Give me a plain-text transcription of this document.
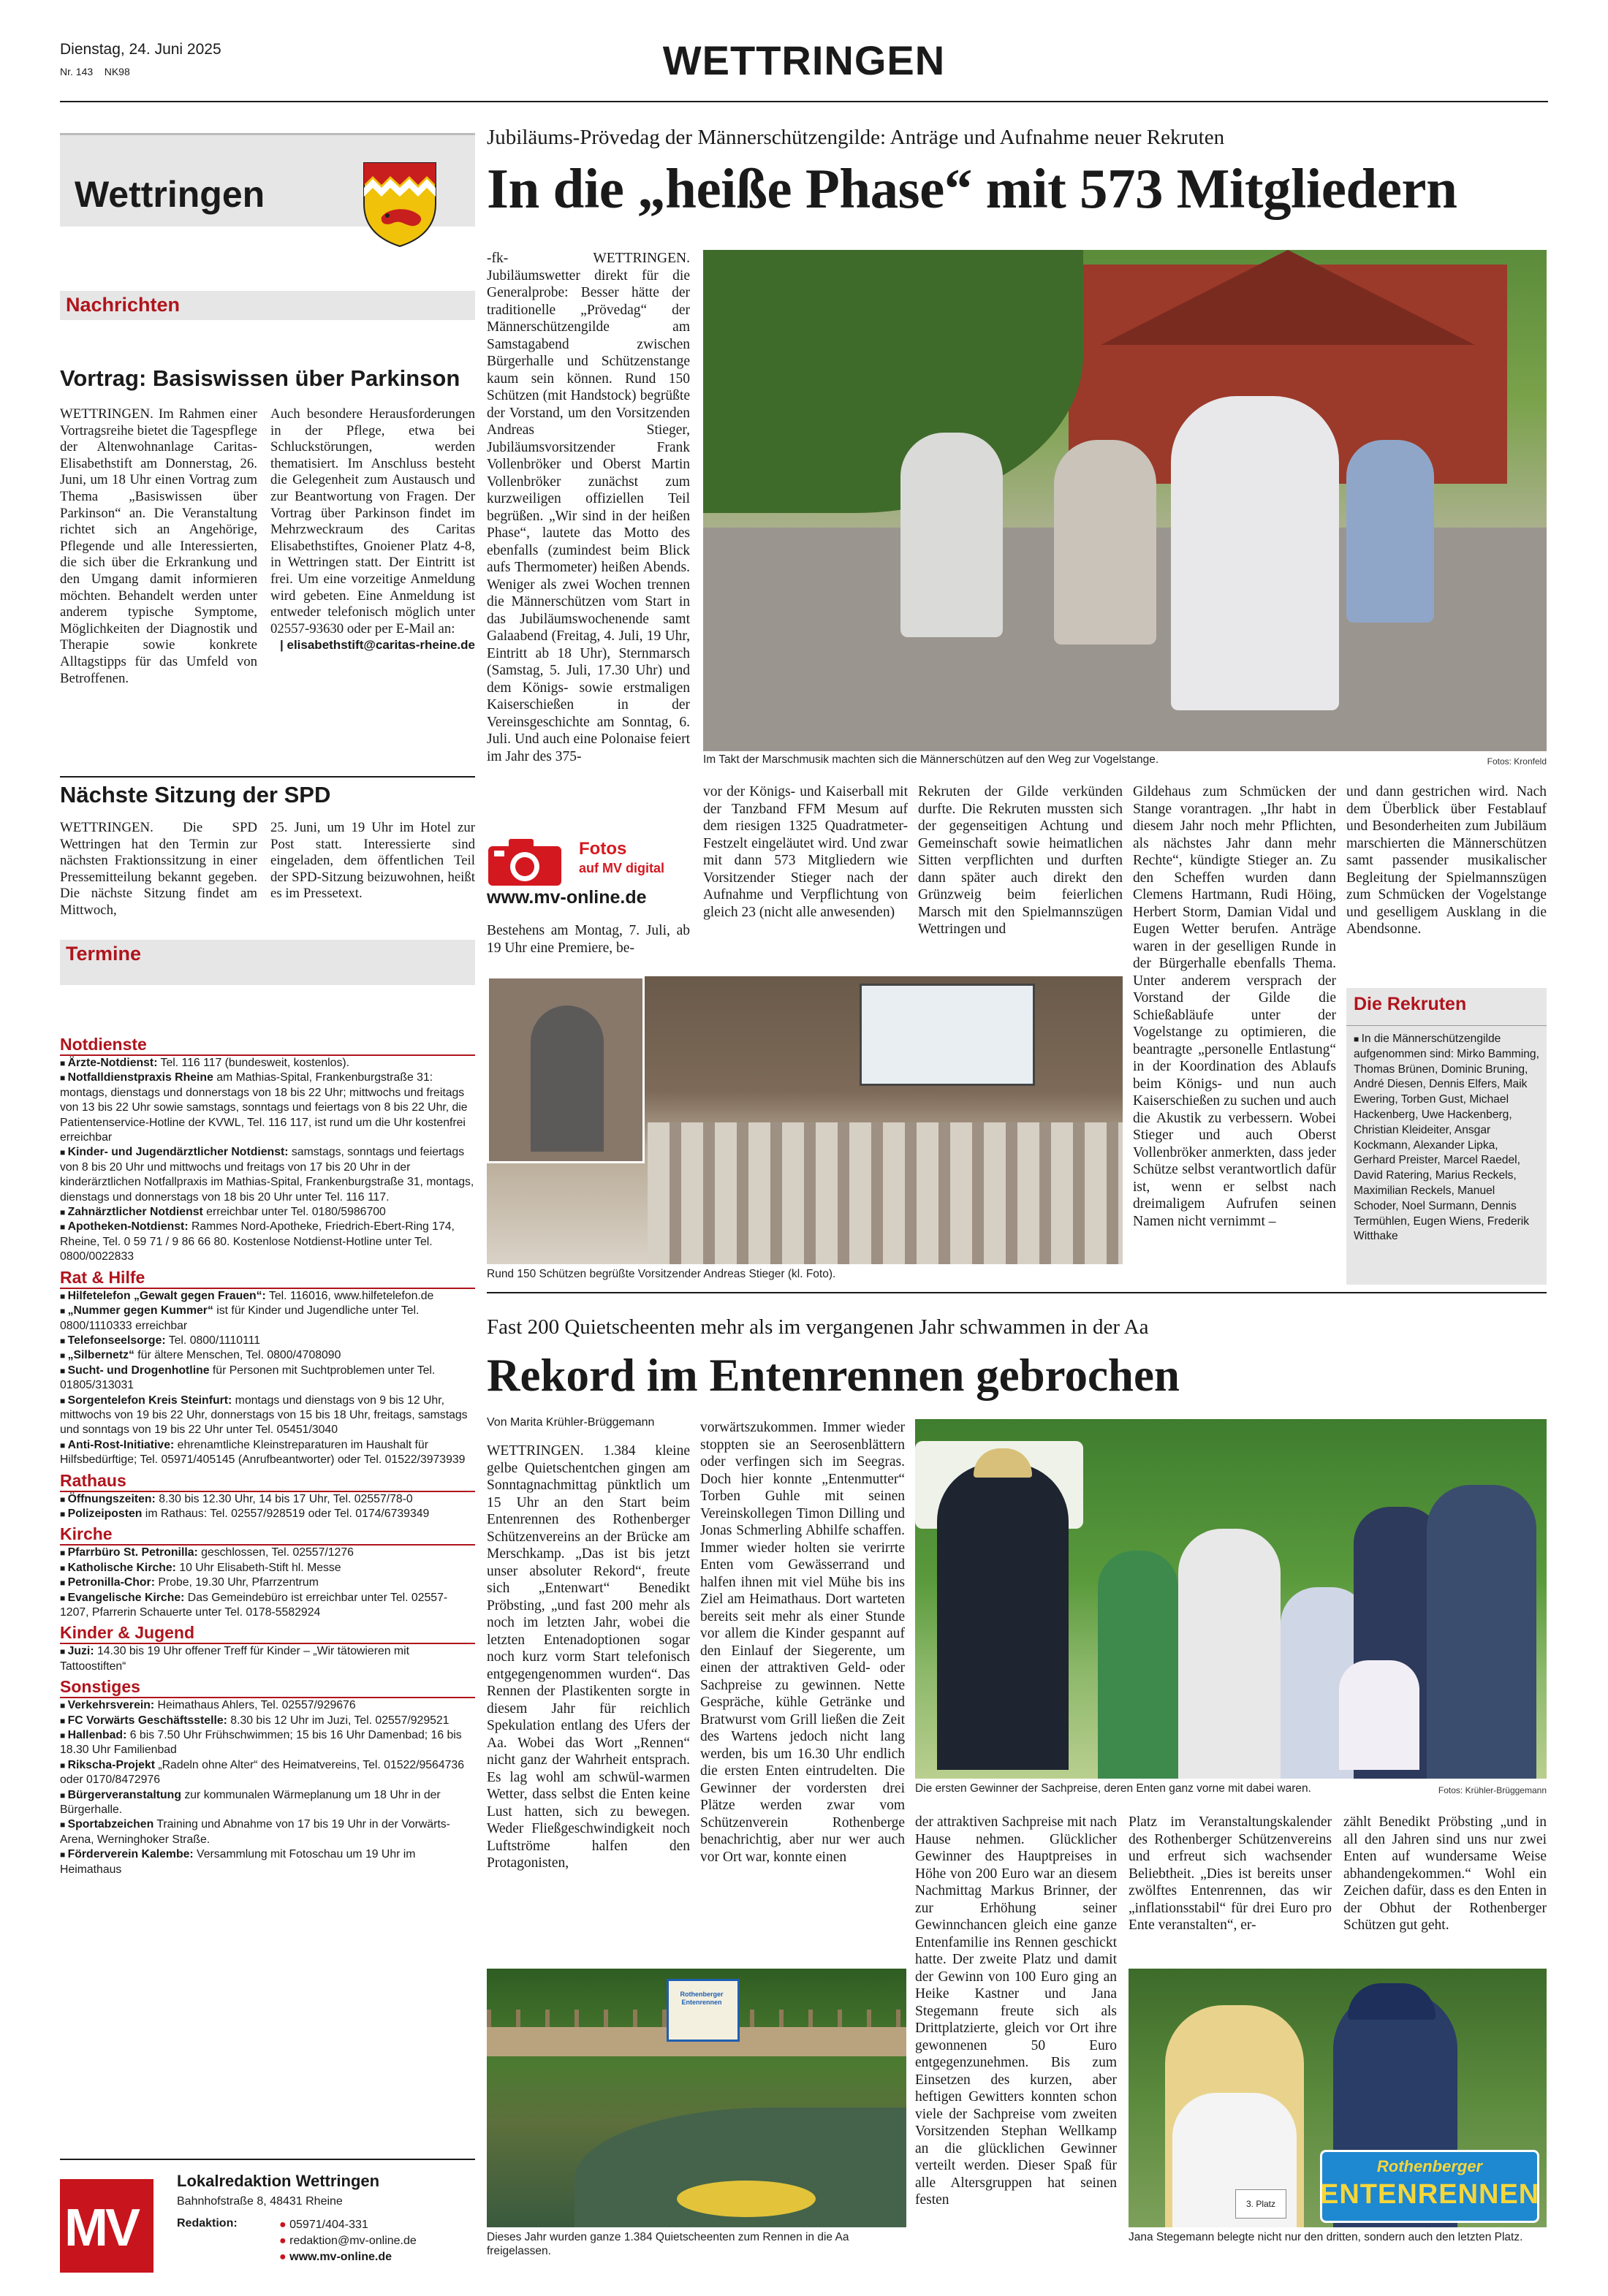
Dienstag, 24. Juni 2025
Nr. 143 NK98	WETTRINGEN
Wettringen
Nachrichten
Vortrag: Basiswissen über Parkinson
WETTRINGEN. Im Rahmen einer Vortragsreihe bietet die Tagespflege der Altenwohnanlage Caritas-Elisabethstift am Donnerstag, 26. Juni, um 18 Uhr einen Vortrag zum Thema „Basiswissen über Parkinson“ an. Die Veranstaltung richtet sich an Angehörige, Pflegende und alle Interessierten, die sich über die Erkrankung und den Umgang damit informieren möchten. Behandelt werden unter anderem typische Symptome, Möglichkeiten der Diagnostik und Therapie sowie konkrete Alltagstipps für das Umfeld von Betroffenen.
Auch besondere Herausforderungen in der Pflege, etwa bei Schluckstörungen, werden thematisiert. Im Anschluss besteht die Gelegenheit zum Austausch und zur Beantwortung von Fragen. Der Vortrag über Parkinson findet im Mehrzweckraum des Caritas Elisabethstiftes, Gnoiener Platz 4-8, in Wettringen statt. Der Eintritt ist frei. Um eine vorzeitige Anmeldung wird gebeten. Eine Anmeldung ist entweder telefonisch möglich unter 02557-93630 oder per E-Mail an:
| elisabethstift@caritas-rheine.de
Nächste Sitzung der SPD
WETTRINGEN. Die SPD Wettringen hat den Termin zur nächsten Fraktionssitzung in einer Pressemitteilung bekannt gegeben. Die nächste Sitzung findet am Mittwoch,
25. Juni, um 19 Uhr im Hotel zur Post statt. Interessierte sind eingeladen, dem öffentlichen Teil der SPD-Sitzung beizuwohnen, heißt es im Pressetext.
Termine
Notdienste
■ Ärzte-Notdienst: Tel. 116 117 (bundesweit, kostenlos).
■ Notfalldienstpraxis Rheine am Mathias-Spital, Frankenburgstraße 31: montags, dienstags und donnerstags von 18 bis 22 Uhr; mittwochs und freitags von 13 bis 22 Uhr sowie samstags, sonntags und feiertags von 8 bis 22 Uhr, die Patientenservice-Hotline der KVWL, Tel. 116 117, ist rund um die Uhr kostenfrei erreichbar
■ Kinder- und Jugendärztlicher Notdienst: samstags, sonntags und feiertags von 8 bis 20 Uhr und mittwochs und freitags von 17 bis 20 Uhr in der kinderärztlichen Notfallpraxis im Mathias-Spital, Frankenburgstraße 31, montags, dienstags und donnerstags von 18 bis 20 Uhr unter Tel. 116 117.
■ Zahnärztlicher Notdienst erreichbar unter Tel. 0180/5986700
■ Apotheken-Notdienst: Rammes Nord-Apotheke, Friedrich-Ebert-Ring 174, Rheine, Tel. 0 59 71 / 9 86 66 80. Kostenlose Notdienst-Hotline unter Tel. 0800/0022833
Rat & Hilfe
■ Hilfetelefon „Gewalt gegen Frauen“: Tel. 116016, www.hilfetelefon.de
■ „Nummer gegen Kummer“ ist für Kinder und Jugendliche unter Tel. 0800/1110333 erreichbar
■ Telefonseelsorge: Tel. 0800/1110111
■ „Silbernetz“ für ältere Menschen, Tel. 0800/4708090
■ Sucht- und Drogenhotline für Personen mit Suchtproblemen unter Tel. 01805/313031
■ Sorgentelefon Kreis Steinfurt: montags und dienstags von 9 bis 12 Uhr, mittwochs von 19 bis 22 Uhr, donnerstags von 15 bis 18 Uhr, freitags, samstags und sonntags von 19 bis 22 Uhr unter Tel. 05451/3040
■ Anti-Rost-Initiative: ehrenamtliche Kleinstreparaturen im Haushalt für Hilfsbedürftige; Tel. 05971/405145 (Anrufbeantworter) oder Tel. 01522/3973939
Rathaus
■ Öffnungszeiten: 8.30 bis 12.30 Uhr, 14 bis 17 Uhr, Tel. 02557/78-0
■ Polizeiposten im Rathaus: Tel. 02557/928519 oder Tel. 0174/6739349
Kirche
■ Pfarrbüro St. Petronilla: geschlossen, Tel. 02557/1276
■ Katholische Kirche: 10 Uhr Elisabeth-Stift hl. Messe
■ Petronilla-Chor: Probe, 19.30 Uhr, Pfarrzentrum
■ Evangelische Kirche: Das Gemeindebüro ist erreichbar unter Tel. 02557-1207, Pfarrerin Schauerte unter Tel. 0178-5582924
Kinder & Jugend
■ Juzi: 14.30 bis 19 Uhr offener Treff für Kinder – „Wir tätowieren mit Tattoostiften“
Sonstiges
■ Verkehrsverein: Heimathaus Ahlers, Tel. 02557/929676
■ FC Vorwärts Geschäftsstelle: 8.30 bis 12 Uhr im Juzi, Tel. 02557/929521
■ Hallenbad: 6 bis 7.50 Uhr Frühschwimmen; 15 bis 16 Uhr Damenbad; 16 bis 18.30 Uhr Familienbad
■ Rikscha-Projekt „Radeln ohne Alter“ des Heimatvereins, Tel. 01522/9564736 oder 0170/8472976
■ Bürgerveranstaltung zur kommunalen Wärmeplanung um 18 Uhr in der Bürgerhalle.
■ Sportabzeichen Training und Abnahme von 17 bis 19 Uhr in der Vorwärts-Arena, Werninghoker Straße.
■ Förderverein Kalembe: Versammlung mit Fotoschau um 19 Uhr im Heimathaus
MV
Lokalredaktion Wettringen
Bahnhofstraße 8, 48431 Rheine
Redaktion:	● 05971/404-331
● redaktion@mv-online.de
● www.mv-online.de
Jubiläums-Prövedag der Männerschützengilde: Anträge und Aufnahme neuer Rekruten
In die „heiße Phase“ mit 573 Mitgliedern
-fk- WETTRINGEN. Jubiläumswetter direkt für die Generalprobe: Besser hätte der traditionelle „Prövedag“ der Männerschützengilde am Samstagabend zwischen Bürgerhalle und Schützenstange kaum sein können. Rund 150 Schützen (mit Handstock) begrüßte der Vorstand, um den Vorsitzenden Andreas Stieger, Jubiläumsvorsitzender Frank Vollenbröker und Oberst Martin Vollenbröker zunächst zum kurzweiligen offiziellen Teil begrüßen. „Wir sind in der heißen Phase“, lautete das Motto des ebenfalls (zumindest beim Blick aufs Thermometer) heißen Abends. Weniger als zwei Wochen trennen die Männerschützen vom Start in das Jubiläumswochenende samt Galaabend (Freitag, 4. Juli, 19 Uhr, Eintritt ab 18 Uhr), Sternmarsch (Samstag, 5. Juli, 17.30 Uhr) und dem Königs- sowie erstmaligen Kaiserschießen in der Vereinsgeschichte am Sonntag, 6. Juli. Und auch eine Polonaise feiert im Jahr des 375-
Fotos
auf MV digital
www.mv-online.de
Bestehens am Montag, 7. Juli, ab 19 Uhr eine Premiere, be-
Im Takt der Marschmusik machten sich die Männerschützen auf den Weg zur Vogelstange.	Fotos: Kronfeld
vor der Königs- und Kaiserball mit der Tanzband FFM Mesum auf dem riesigen 1325 Quadratmeter-Festzelt eingeläutet wird. Und zwar mit dann 573 Mitgliedern wie Vorsitzender Stieger nach der Aufnahme und Verpflichtung von gleich 23 (nicht alle anwesenden)
Rekruten der Gilde verkünden durfte. Die Rekruten mussten sich der gegenseitigen Achtung und Gemeinschaft sowie heimatlichen Sitten verpflichten und durften dann später auch direkt den Grünzweig beim feierlichen Marsch mit den Spielmannszügen Wettringen und
Gildehaus zum Schmücken der Stange vorantragen. „Ihr habt in diesem Jahr noch mehr Pflichten, als nächstes Jahr dann mehr Rechte“, kündigte Stieger an. Zu den Scheffen wurden dann Clemens Hartmann, Rudi Höing, Herbert Storm, Damian Vidal und Eugen Wetter berufen. Anträge waren in der geselligen Runde in der Bürgerhalle ebenfalls Thema. Unter anderem versprach der Vorstand der Gilde die Schießabläufe unter der Vogelstange zu optimieren, die beantragte „personelle Entlastung“ in der Koordination des Ablaufs beim Königs- und nun auch Kaiserschießen zu suchen und auch die Akustik zu verbessern. Wobei Stieger und auch Oberst Vollenbröker anmerkten, dass jeder Schütze selbst verantwortlich dafür ist, wenn er selbst nach dreimaligem Aufrufen seinen Namen nicht vernimmt –
und dann gestrichen wird. Nach dem Überblick über Festablauf und Besonderheiten zum Jubiläum marschierten die Männerschützen samt passender musikalischer Begleitung der Spielmannszügen zum Schmücken der Vogelstange und geselligem Ausklang in die Abendsonne.
Rund 150 Schützen begrüßte Vorsitzender Andreas Stieger (kl. Foto).
Die Rekruten
■ In die Männerschützengilde aufgenommen sind: Mirko Bamming, Thomas Brünen, Dominic Bruning, André Diesen, Dennis Elfers, Maik Ewering, Torben Gust, Michael Hackenberg, Uwe Hackenberg, Christian Kleideiter, Ansgar Kockmann, Alexander Lipka, Gerhard Preister, Marcel Raedel, David Ratering, Marius Reckels, Maximilian Reckels, Manuel Schoder, Noel Surmann, Dennis Termühlen, Eugen Wiens, Frederik Witthake
Fast 200 Quietscheenten mehr als im vergangenen Jahr schwammen in der Aa
Rekord im Entenrennen gebrochen
Von Marita Krühler-Brüggemann
WETTRINGEN. 1.384 kleine gelbe Quietschentchen gingen am Sonntagnachmittag pünktlich um 15 Uhr an den Start beim Entenrennen des Rothenberger Schützenvereins an der Brücke am Merschkamp. „Das ist bis jetzt unser absoluter Rekord“, freute sich „Entenwart“ Benedikt Pröbsting, „und fast 200 mehr als noch im letzten Jahr, wobei die letzten Entenadoptionen sogar noch kurz vorm Start telefonisch entgegengenommen wurden“. Das Rennen der Plastikenten sorgte in diesem Jahr für reichlich Spekulation entlang des Ufers der Aa. Wobei das Wort „Rennen“ nicht ganz der Wahrheit entsprach. Es lag wohl am schwül-warmen Wetter, dass selbst die Enten keine Lust hatten, sich zu bewegen. Weder Fließgeschwindigkeit noch Luftströme halfen den Protagonisten,
vorwärtszukommen. Immer wieder stoppten sie an Seerosenblättern oder verfingen sich im Seegras. Doch hier konnte „Entenmutter“ Torben Guhle mit seinen Vereinskollegen Timon Dilling und Jonas Schmerling Abhilfe schaffen. Immer wieder holten sie verirrte Enten vom Gewässerrand und halfen ihnen mit viel Mühe bis ins Ziel am Heimathaus. Dort warteten bereits seit mehr als einer Stunde vor allem die Kinder gespannt auf den Einlauf der Siegerente, um einen der attraktiven Geld- oder Sachpreise zu gewinnen. Nette Gespräche, kühle Getränke und Bratwurst vom Grill ließen die Zeit des Wartens jedoch nicht lang werden, bis um 16.30 Uhr endlich die ersten Enten eintrudelten. Die Gewinner der vordersten drei Plätze werden zwar vom Schützenverein Rothenberge benachrichtig, aber nur wer auch vor Ort war, konnte einen
Die ersten Gewinner der Sachpreise, deren Enten ganz vorne mit dabei waren.	Fotos: Krühler-Brüggemann
der attraktiven Sachpreise mit nach Hause nehmen. Glücklicher Gewinner des Hauptpreises in Höhe von 200 Euro war an diesem Nachmittag Markus Brinner, der zur Erhöhung seiner Gewinnchancen gleich eine ganze Entenfamilie ins Rennen geschickt hatte. Der zweite Platz und damit der Gewinn von 100 Euro ging an Heike Kastner und Jana Stegemann freute sich als Drittplatzierte, gleich vor Ort ihre gewonnenen 50 Euro entgegenzunehmen. Bis zum Einsetzen des kurzen, aber heftigen Gewitters konnten schon viele der Sachpreise vom zweiten Vorsitzenden Stephan Wellkamp an die glücklichen Gewinner verteilt werden. Dieser Spaß für alle Altersgruppen hat seinen festen
Platz im Veranstaltungskalender des Rothenberger Schützenvereins und erfreut sich wachsender Beliebtheit. „Dies ist bereits unser zwölftes Entenrennen, das wir „inflationsstabil“ für drei Euro pro Ente veranstalten“, er-
zählt Benedikt Pröbsting „und in all den Jahren sind uns nur zwei Enten auf wundersame Weise abhandengekommen.“ Wohl ein Zeichen dafür, dass es den Enten in der Obhut der Rothenberger Schützen gut geht.
Rothenberger Entenrennen
Dieses Jahr wurden ganze 1.384 Quietscheenten zum Rennen in die Aa freigelassen.
Rothenberger
ENTENRENNEN
3. Platz
Jana Stegemann belegte nicht nur den dritten, sondern auch den letzten Platz.
